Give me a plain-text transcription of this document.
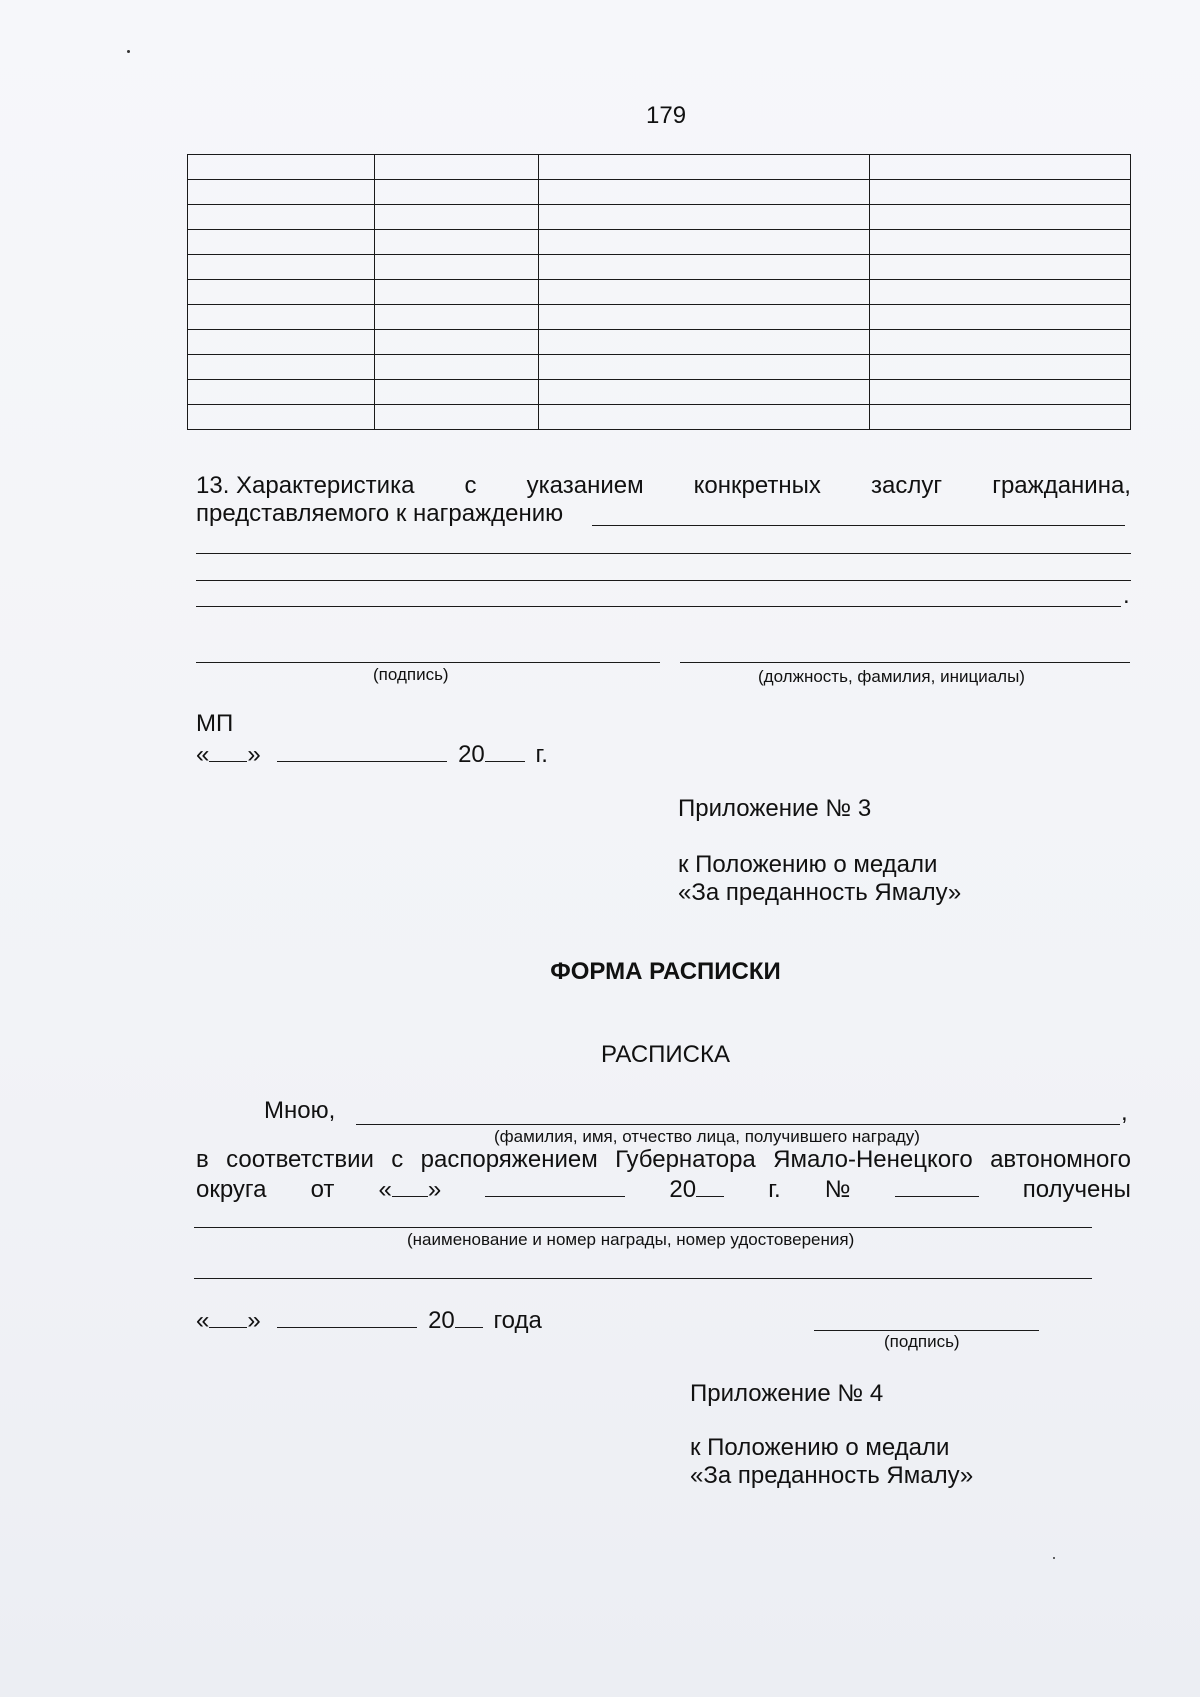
179

13. Характеристика с указанием конкретных заслуг гражданина,
представляемого к награждению
.
(подпись)	(должность, фамилия, инициалы)
МП
« »	20 г.
Приложение № 3
к Положению о медали
«За преданность Ямалу»
ФОРМА РАСПИСКИ
РАСПИСКА
Мною,	,
(фамилия, имя, отчество лица, получившего награду)
в соответствии с распоряжением Губернатора Ямало-Ненецкого автономного
округа от « »	20	г. №	получены
(наименование и номер награды, номер удостоверения)
« »	20 года
(подпись)
Приложение № 4
к Положению о медали
«За преданность Ямалу»
